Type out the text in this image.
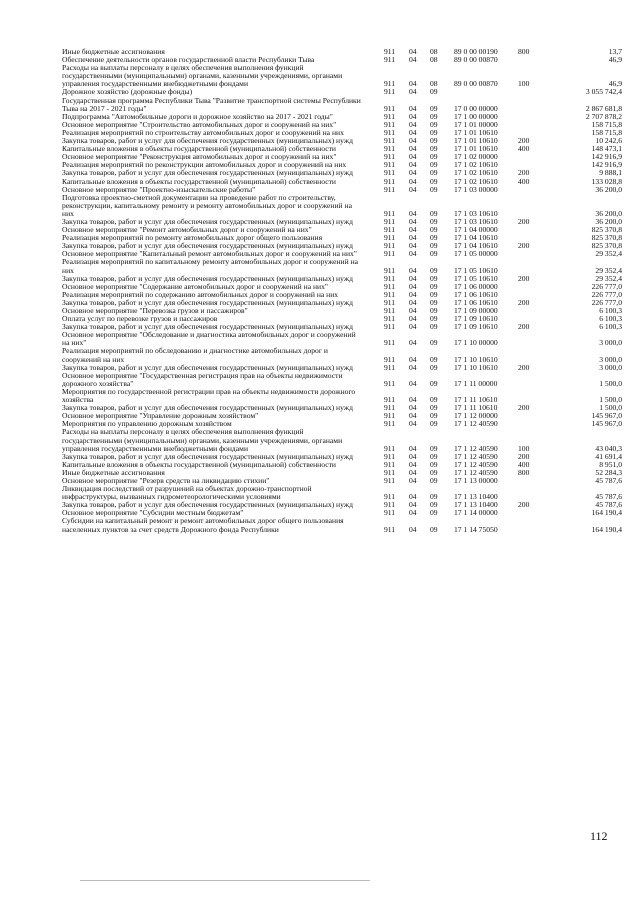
Иные бюджетные ассигнования	911 04 08 89 0 00 00190	800	13,7
Обеспечение деятельности органов государственной власти Республики Тыва	911 04 08 89 0 00 00870	46,9
Расходы на выплаты персоналу в целях обеспечения выполнения функций государственными (муниципальными) органами, казенными учреждениями, органами управления государственными внебюджетными фондами	911 04 08 89 0 00 00870	100	46,9
Дорожное хозяйство (дорожные фонды)	911 04 09	3 055 742,4
Государственная программа Республики Тыва "Развитие транспортной системы Республики Тыва на 2017 - 2021 годы"	911 04 09 17 0 00 00000	2 867 681,8
Подпрограмма "Автомобильные дороги и дорожное хозяйство на 2017 - 2021 годы"	911 04 09 17 1 00 00000	2 707 878,2
Основное мероприятие "Строительство автомобильных дорог и сооружений на них"	911 04 09 17 1 01 00000	158 715,8
Реализация мероприятий по строительству автомобильных дорог и сооружений на них	911 04 09 17 1 01 10610	158 715,8
Закупка товаров, работ и услуг для обеспечения государственных (муниципальных) нужд	911 04 09 17 1 01 10610	200	10 242,6
Капитальные вложения в объекты государственной (муниципальной) собственности	911 04 09 17 1 01 10610	400	148 473,1
Основное мероприятие "Реконструкция автомобильных дорог и сооружений на них"	911 04 09 17 1 02 00000	142 916,9
Реализация мероприятий по реконструкции автомобильных дорог и сооружений на них	911 04 09 17 1 02 10610	142 916,9
Закупка товаров, работ и услуг для обеспечения государственных (муниципальных) нужд	911 04 09 17 1 02 10610	200	9 888,1
Капитальные вложения в объекты государственной (муниципальной) собственности	911 04 09 17 1 02 10610	400	133 028,8
Основное мероприятие "Проектно-изыскательские работы"	911 04 09 17 1 03 00000	36 200,0
Подготовка проектно-сметной документации на проведение работ по строительству, реконструкции, капитальному ремонту и ремонту автомобильных дорог и сооружений на них	911 04 09 17 1 03 10610	36 200,0
Закупка товаров, работ и услуг для обеспечения государственных (муниципальных) нужд	911 04 09 17 1 03 10610	200	36 200,0
Основное мероприятие "Ремонт автомобильных дорог и сооружений на них"	911 04 09 17 1 04 00000	825 370,8
Реализация мероприятий по ремонту автомобильных дорог общего пользования	911 04 09 17 1 04 10610	825 370,8
Закупка товаров, работ и услуг для обеспечения государственных (муниципальных) нужд	911 04 09 17 1 04 10610	200	825 370,8
Основное мероприятие "Капитальный ремонт автомобильных дорог и сооружений на них"	911 04 09 17 1 05 00000	29 352,4
Реализация мероприятий по капитальному ремонту автомобильных дорог и сооружений на них	911 04 09 17 1 05 10610	29 352,4
Закупка товаров, работ и услуг для обеспечения государственных (муниципальных) нужд	911 04 09 17 1 05 10610	200	29 352,4
Основное мероприятие "Содержание автомобильных дорог и сооружений на них"	911 04 09 17 1 06 00000	226 777,0
Реализация мероприятий по содержанию автомобильных дорог и сооружений на них	911 04 09 17 1 06 10610	226 777,0
Закупка товаров, работ и услуг для обеспечения государственных (муниципальных) нужд	911 04 09 17 1 06 10610	200	226 777,0
Основное мероприятие "Перевозка грузов и пассажиров"	911 04 09 17 1 09 00000	6 100,3
Оплата услуг по перевозке грузов и пассажиров	911 04 09 17 1 09 10610	6 100,3
Закупка товаров, работ и услуг для обеспечения государственных (муниципальных) нужд	911 04 09 17 1 09 10610	200	6 100,3
Основное мероприятие "Обследование и диагностика автомобильных дорог и сооружений на них"	911 04 09 17 1 10 00000	3 000,0
Реализация мероприятий по обследованию и диагностике автомобильных дорог и сооружений на них	911 04 09 17 1 10 10610	3 000,0
Закупка товаров, работ и услуг для обеспечения государственных (муниципальных) нужд	911 04 09 17 1 10 10610	200	3 000,0
Основное мероприятие "Государственная регистрация прав на объекты недвижимости дорожного хозяйства"	911 04 09 17 1 11 00000	1 500,0
Мероприятия по государственной регистрации прав на объекты недвижимости дорожного хозяйства	911 04 09 17 1 11 10610	1 500,0
Закупка товаров, работ и услуг для обеспечения государственных (муниципальных) нужд	911 04 09 17 1 11 10610	200	1 500,0
Основное мероприятие "Управление дорожным хозяйством"	911 04 09 17 1 12 00000	145 967,0
Мероприятия по управлению дорожным хозяйством	911 04 09 17 1 12 40590	145 967,0
Расходы на выплаты персоналу в целях обеспечения выполнения функций государственными (муниципальными) органами, казенными учреждениями, органами управления государственными внебюджетными фондами	911 04 09 17 1 12 40590	100	43 040,3
Закупка товаров, работ и услуг для обеспечения государственных (муниципальных) нужд	911 04 09 17 1 12 40590	200	41 691,4
Капитальные вложения в объекты государственной (муниципальной) собственности	911 04 09 17 1 12 40590	400	8 951,0
Иные бюджетные ассигнования	911 04 09 17 1 12 40590	800	52 284,3
Основное мероприятие "Резерв средств на ликвидацию стихии"	911 04 09 17 1 13 00000	45 787,6
Ликвидация последствий от разрушений на объектах дорожно-транспортной инфраструктуры, вызванных гидрометеорологическими условиями	911 04 09 17 1 13 10400	45 787,6
Закупка товаров, работ и услуг для обеспечения государственных (муниципальных) нужд	911 04 09 17 1 13 10400	200	45 787,6
Основное мероприятие "Субсидии местным бюджетам"	911 04 09 17 1 14 00000	164 190,4
Субсидии на капитальный ремонт и ремонт автомобильных дорог общего пользования населенных пунктов за счет средств Дорожного фонда Республики	911 04 09 17 1 14 75050	164 190,4
112
